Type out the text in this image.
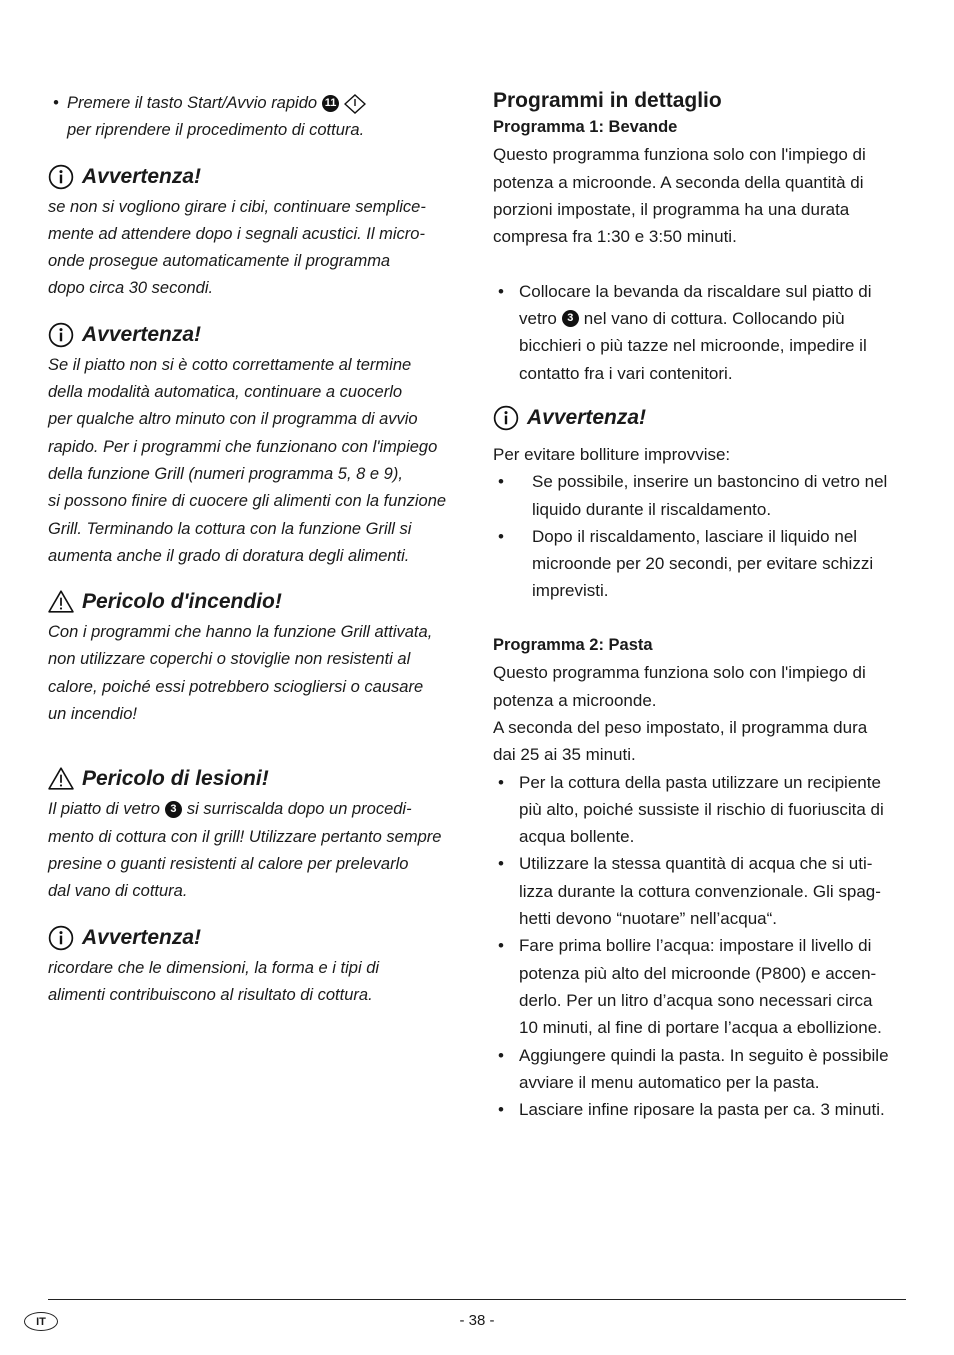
• Premere il tasto Start/Avvio rapido 11
per riprendere il procedimento di cottura.
Avvertenza!
se non si vogliono girare i cibi, continuare semplice-
mente ad attendere dopo i segnali acustici. Il micro-
onde prosegue automaticamente il programma
dopo circa 30 secondi.
Avvertenza!
Se il piatto non si è cotto correttamente al termine
della modalità automatica, continuare a cuocerlo
per qualche altro minuto con il programma di avvio
rapido. Per i programmi che funzionano con l'impiego
della funzione Grill (numeri programma 5, 8 e 9),
si possono finire di cuocere gli alimenti con la funzione
Grill. Terminando la cottura con la funzione Grill si
aumenta anche il grado di doratura degli alimenti.
Pericolo d'incendio!
Con i programmi che hanno la funzione Grill attivata,
non utilizzare coperchi o stoviglie non resistenti al
calore, poiché essi potrebbero sciogliersi o causare
un incendio!
Pericolo di lesioni!
Il piatto di vetro 3 si surriscalda dopo un procedi-
mento di cottura con il grill! Utilizzare pertanto sempre
presine o guanti resistenti al calore per prelevarlo
dal vano di cottura.
Avvertenza!
ricordare che le dimensioni, la forma e i tipi di
alimenti contribuiscono al risultato di cottura.
Programmi in dettaglio
Programma 1: Bevande
Questo programma funziona solo con l'impiego di
potenza a microonde. A seconda della quantità di
porzioni impostate, il programma ha una durata
compresa fra 1:30 e 3:50 minuti.
• Collocare la bevanda da riscaldare sul piatto di
vetro 3 nel vano di cottura. Collocando più
bicchieri o più tazze nel microonde, impedire il
contatto fra i vari contenitori.
Avvertenza!
Per evitare bolliture improvvise:
•	Se possibile, inserire un bastoncino di vetro nel
liquido durante il riscaldamento.
•	Dopo il riscaldamento, lasciare il liquido nel
microonde per 20 secondi, per evitare schizzi
imprevisti.
Programma 2: Pasta
Questo programma funziona solo con l'impiego di
potenza a microonde.
A seconda del peso impostato, il programma dura
dai 25 ai 35 minuti.
• Per la cottura della pasta utilizzare un recipiente
più alto, poiché sussiste il rischio di fuoriuscita di
acqua bollente.
• Utilizzare la stessa quantità di acqua che si uti-
lizza durante la cottura convenzionale. Gli spag-
hetti devono “nuotare” nell’acqua“.
• Fare prima bollire l’acqua: impostare il livello di
potenza più alto del microonde (P800) e accen-
derlo. Per un litro d’acqua sono necessari circa
10 minuti, al fine di portare l’acqua a ebollizione.
• Aggiungere quindi la pasta. In seguito è possibile
avviare il menu automatico per la pasta.
• Lasciare infine riposare la pasta per ca. 3 minuti.
IT	- 38 -
